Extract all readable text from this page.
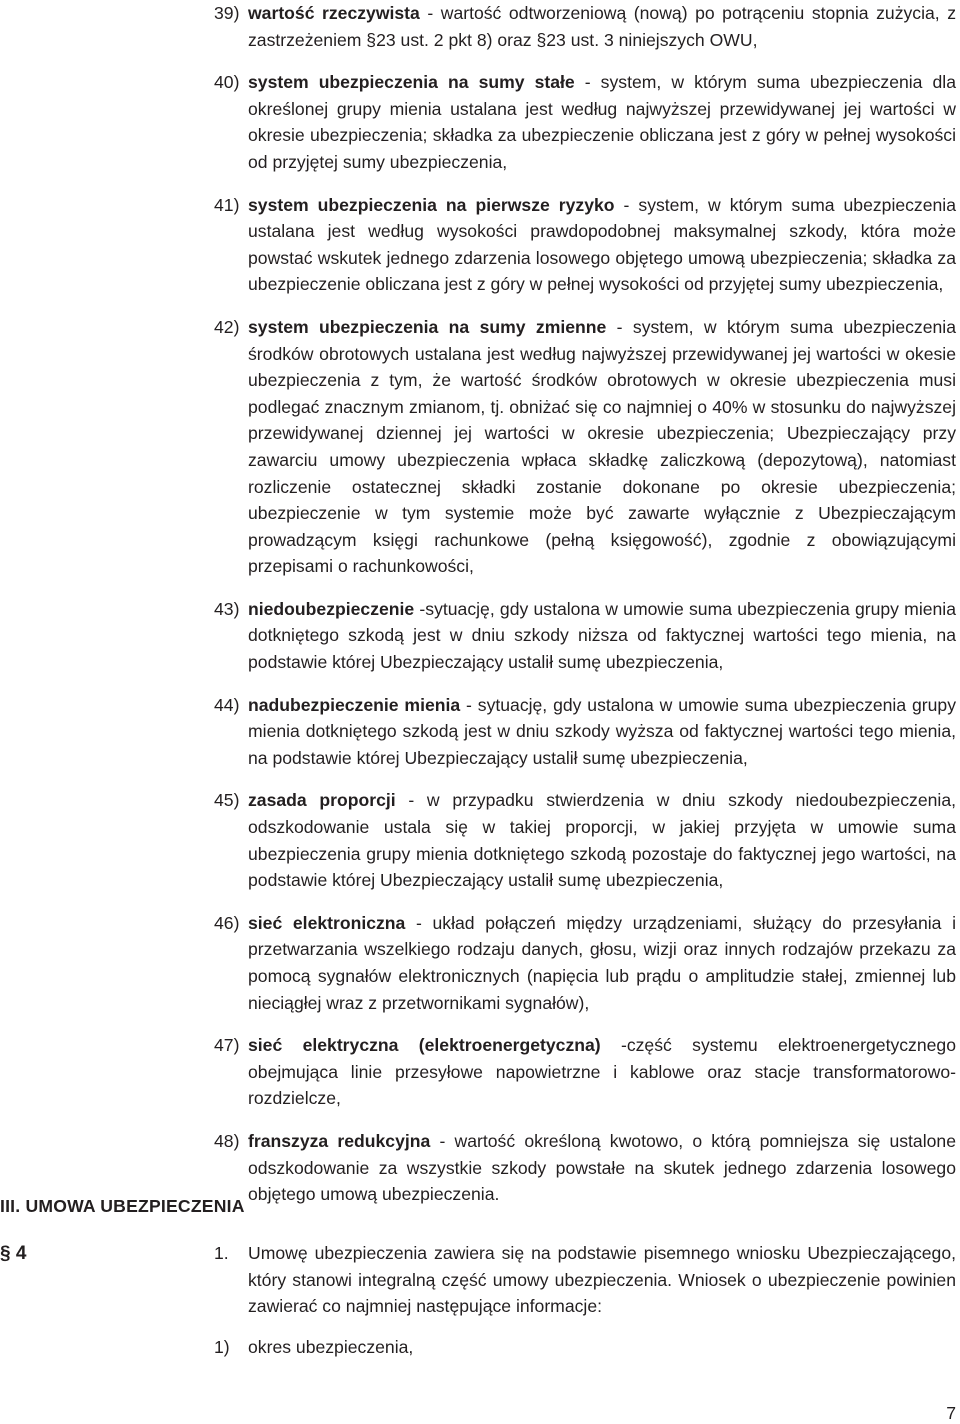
39) wartość rzeczywista - wartość odtworzeniową (nową) po potrąceniu stopnia zużycia, z zastrzeżeniem §23 ust. 2 pkt 8) oraz §23 ust. 3 niniejszych OWU,
40) system ubezpieczenia na sumy stałe - system, w którym suma ubezpieczenia dla określonej grupy mienia ustalana jest według najwyższej przewidywanej jej wartości w okresie ubezpieczenia; składka za ubezpieczenie obliczana jest z góry w pełnej wysokości od przyjętej sumy ubezpieczenia,
41) system ubezpieczenia na pierwsze ryzyko - system, w którym suma ubezpieczenia ustalana jest według wysokości prawdopodobnej maksymalnej szkody, która może powstać wskutek jednego zdarzenia losowego objętego umową ubezpieczenia; składka za ubezpieczenie obliczana jest z góry w pełnej wysokości od przyjętej sumy ubezpieczenia,
42) system ubezpieczenia na sumy zmienne - system, w którym suma ubezpieczenia środków obrotowych ustalana jest według najwyższej przewidywanej jej wartości w okesie ubezpieczenia z tym, że wartość środków obrotowych w okresie ubezpieczenia musi podlegać znacznym zmianom, tj. obniżać się co najmniej o 40% w stosunku do najwyższej przewidywanej dziennej jej wartości w okresie ubezpieczenia; Ubezpieczający przy zawarciu umowy ubezpieczenia wpłaca składkę zaliczkową (depozytową), natomiast rozliczenie ostatecznej składki zostanie dokonane po okresie ubezpieczenia; ubezpieczenie w tym systemie może być zawarte wyłącznie z Ubezpieczającym prowadzącym księgi rachunkowe (pełną księgowość), zgodnie z obowiązującymi przepisami o rachunkowości,
43) niedoubezpieczenie -sytuację, gdy ustalona w umowie suma ubezpieczenia grupy mienia dotkniętego szkodą jest w dniu szkody niższa od faktycznej wartości tego mienia, na podstawie której Ubezpieczający ustalił sumę ubezpieczenia,
44) nadubezpieczenie mienia - sytuację, gdy ustalona w umowie suma ubezpieczenia grupy mienia dotkniętego szkodą jest w dniu szkody wyższa od faktycznej wartości tego mienia, na podstawie której Ubezpieczający ustalił sumę ubezpieczenia,
45) zasada proporcji - w przypadku stwierdzenia w dniu szkody niedoubezpieczenia, odszkodowanie ustala się w takiej proporcji, w jakiej przyjęta w umowie suma ubezpieczenia grupy mienia dotkniętego szkodą pozostaje do faktycznej jego wartości, na podstawie której Ubezpieczający ustalił sumę ubezpieczenia,
46) sieć elektroniczna - układ połączeń między urządzeniami, służący do przesyłania i przetwarzania wszelkiego rodzaju danych, głosu, wizji oraz innych rodzajów przekazu za pomocą sygnałów elektronicznych (napięcia lub prądu o amplitudzie stałej, zmiennej lub nieciągłej wraz z przetwornikami sygnałów),
47) sieć elektryczna (elektroenergetyczna) -część systemu elektroenergetycznego obejmująca linie przesyłowe napowietrzne i kablowe oraz stacje transformatorowo-rozdzielcze,
48) franszyza redukcyjna - wartość określoną kwotowo, o którą pomniejsza się ustalone odszkodowanie za wszystkie szkody powstałe na skutek jednego zdarzenia losowego objętego umową ubezpieczenia.
III. UMOWA UBEZPIECZENIA
§ 4	1. Umowę ubezpieczenia zawiera się na podstawie pisemnego wniosku Ubezpieczającego, który stanowi integralną część umowy ubezpieczenia. Wniosek o ubezpieczenie powinien zawierać co najmniej następujące informacje:
1) okres ubezpieczenia,
7
